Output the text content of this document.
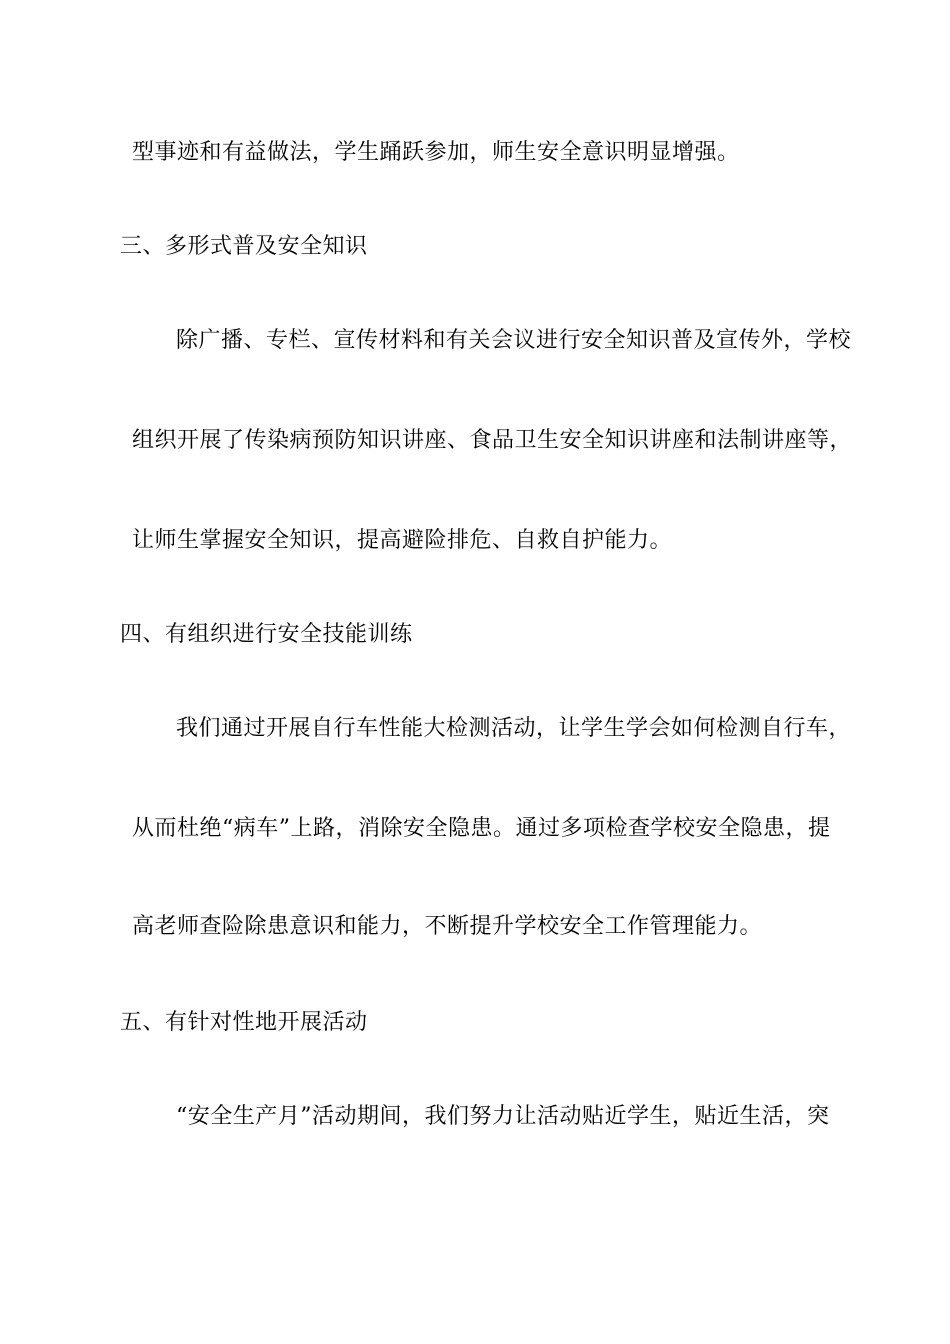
型事迹和有益做法，学生踊跃参加，师生安全意识明显增强。
三、多形式普及安全知识
除广播、专栏、宣传材料和有关会议进行安全知识普及宣传外，学校
组织开展了传染病预防知识讲座、食品卫生安全知识讲座和法制讲座等，
让师生掌握安全知识，提高避险排危、自救自护能力。
四、有组织进行安全技能训练
我们通过开展自行车性能大检测活动，让学生学会如何检测自行车，
从而杜绝“病车”上路，消除安全隐患。通过多项检查学校安全隐患，提
高老师查险除患意识和能力，不断提升学校安全工作管理能力。
五、有针对性地开展活动
“安全生产月”活动期间，我们努力让活动贴近学生，贴近生活，突
